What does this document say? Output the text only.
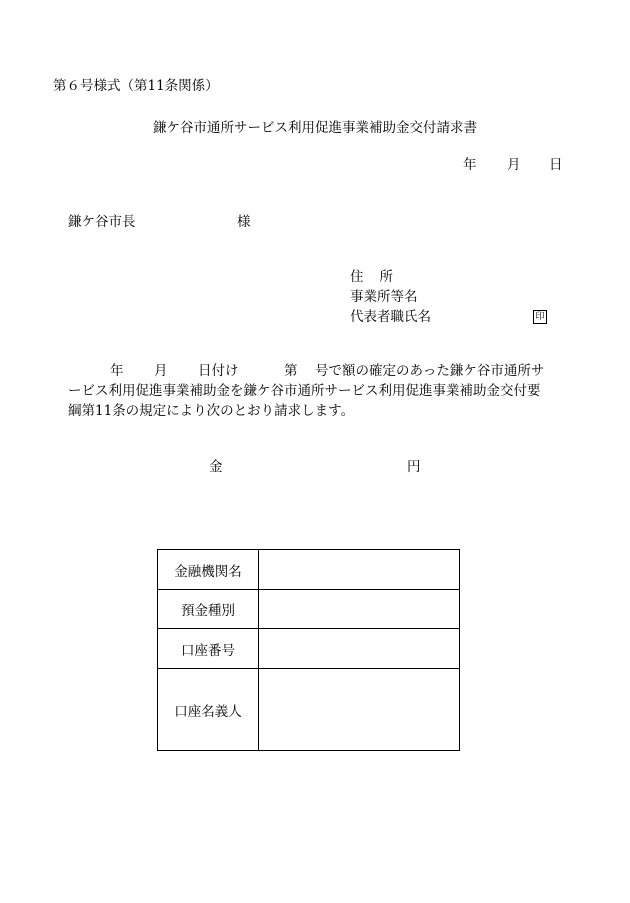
第６号様式（第11条関係）
鎌ケ谷市通所サービス利用促進事業補助金交付請求書
年 月 日
鎌ケ谷市長	様
住所
事業所等名
代表者職氏名	印
年 月 日付け	第 号で額の確定のあった鎌ケ谷市通所サ
ービス利用促進事業補助金を鎌ケ谷市通所サービス利用促進事業補助金交付要
綱第11条の規定により次のとおり請求します。
金	円
金融機関名	
預金種別	
口座番号	
口座名義人	
